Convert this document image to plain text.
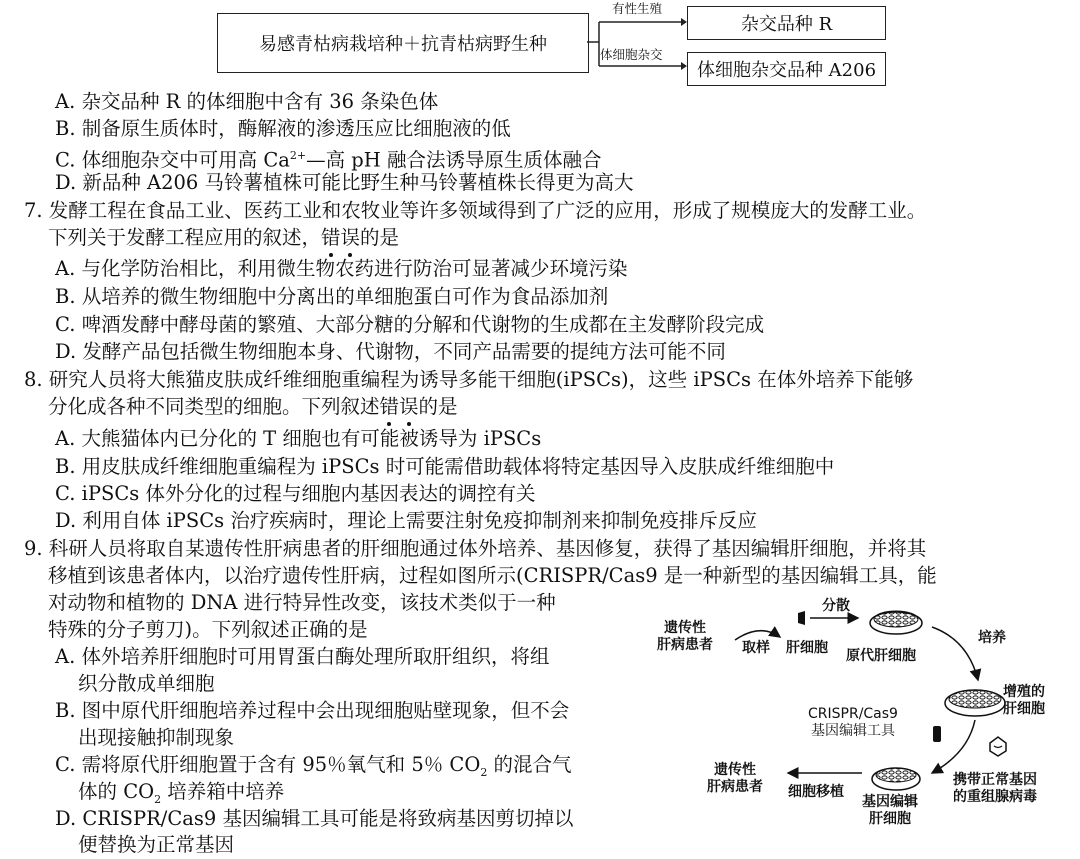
易感青枯病栽培种＋抗青枯病野生种
有性生殖
体细胞杂交
杂交品种 R
体细胞杂交品种 A206
A. 杂交品种 R 的体细胞中含有 36 条染色体
B. 制备原生质体时，酶解液的渗透压应比细胞液的低
C. 体细胞杂交中可用高 $Ca^{2+}—$高 pH 融合法诱导原生质体融合
D. 新品种 A206 马铃薯植株可能比野生种马铃薯植株长得更为高大
7. 发酵工程在食品工业、医药工业和农牧业等许多领域得到了广泛的应用，形成了规模庞大的发酵工业。
下列关于发酵工程应用的叙述，错误的是
A. 与化学防治相比，利用微生物农药进行防治可显著减少环境污染
B. 从培养的微生物细胞中分离出的单细胞蛋白可作为食品添加剂
C. 啤酒发酵中酵母菌的繁殖、大部分糖的分解和代谢物的生成都在主发酵阶段完成
D. 发酵产品包括微生物细胞本身、代谢物，不同产品需要的提纯方法可能不同
8. 研究人员将大熊猫皮肤成纤维细胞重编程为诱导多能干细胞(iPSCs)，这些 iPSCs 在体外培养下能够
分化成各种不同类型的细胞。下列叙述错误的是
A. 大熊猫体内已分化的 T 细胞也有可能被诱导为 iPSCs
B. 用皮肤成纤维细胞重编程为 iPSCs 时可能需借助载体将特定基因导入皮肤成纤维细胞中
C. iPSCs 体外分化的过程与细胞内基因表达的调控有关
D. 利用自体 iPSCs 治疗疾病时，理论上需要注射免疫抑制剂来抑制免疫排斥反应
9. 科研人员将取自某遗传性肝病患者的肝细胞通过体外培养、基因修复，获得了基因编辑肝细胞，并将其
移植到该患者体内，以治疗遗传性肝病，过程如图所示(CRISPR/Cas9 是一种新型的基因编辑工具，能
对动物和植物的 DNA 进行特异性改变，该技术类似于一种
特殊的分子剪刀)。下列叙述正确的是
A. 体外培养肝细胞时可用胃蛋白酶处理所取肝组织，将组
织分散成单细胞
B. 图中原代肝细胞培养过程中会出现细胞贴壁现象，但不会
出现接触抑制现象
C. 需将原代肝细胞置于含有 95％氧气和 5％ $CO_2$ 的混合气
体的 $CO_2$ 培养箱中培养
D. CRISPR/Cas9 基因编辑工具可能是将致病基因剪切掉以
便替换为正常基因
遗传性
肝病患者 取样 肝细胞
分散
原代肝细胞
培养
增殖的
肝细胞
CRISPR/Cas9
基因编辑工具
携带正常基因
的重组腺病毒
基因编辑
肝细胞
细胞移植
遗传性
肝病患者
